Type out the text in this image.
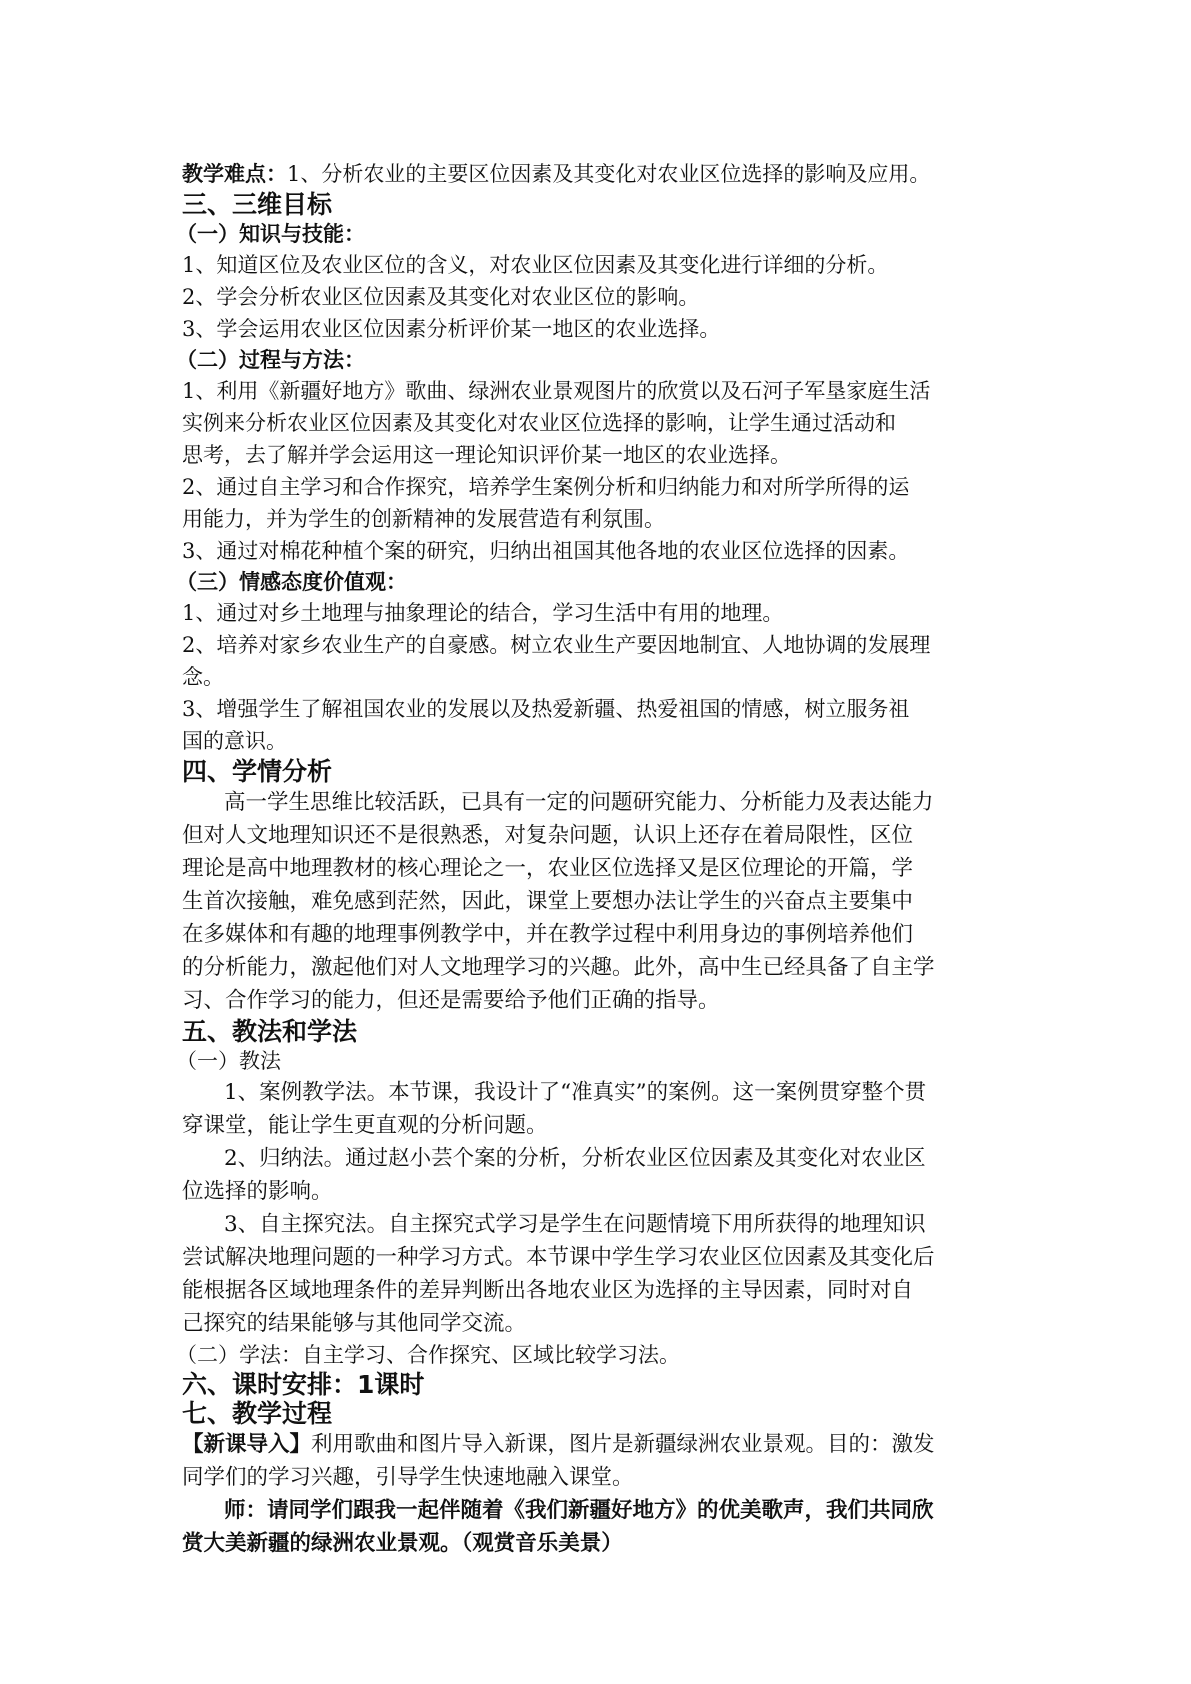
教学难点：1、分析农业的主要区位因素及其变化对农业区位选择的影响及应用。

三、三维目标

（一）知识与技能：

1、知道区位及农业区位的含义，对农业区位因素及其变化进行详细的分析。

2、学会分析农业区位因素及其变化对农业区位的影响。

3、学会运用农业区位因素分析评价某一地区的农业选择。

（二）过程与方法：

1、利用《新疆好地方》歌曲、绿洲农业景观图片的欣赏以及石河子军垦家庭生活

实例来分析农业区位因素及其变化对农业区位选择的影响，让学生通过活动和

思考，去了解并学会运用这一理论知识评价某一地区的农业选择。

2、通过自主学习和合作探究，培养学生案例分析和归纳能力和对所学所得的运

用能力，并为学生的创新精神的发展营造有利氛围。

3、通过对棉花种植个案的研究，归纳出祖国其他各地的农业区位选择的因素。

（三）情感态度价值观：

1、通过对乡土地理与抽象理论的结合，学习生活中有用的地理。

2、培养对家乡农业生产的自豪感。树立农业生产要因地制宜、人地协调的发展理

念。

3、增强学生了解祖国农业的发展以及热爱新疆、热爱祖国的情感，树立服务祖

国的意识。

四、学情分析

高一学生思维比较活跃，已具有一定的问题研究能力、分析能力及表达能力

但对人文地理知识还不是很熟悉，对复杂问题，认识上还存在着局限性，区位

理论是高中地理教材的核心理论之一，农业区位选择又是区位理论的开篇，学

生首次接触，难免感到茫然，因此，课堂上要想办法让学生的兴奋点主要集中

在多媒体和有趣的地理事例教学中，并在教学过程中利用身边的事例培养他们

的分析能力，激起他们对人文地理学习的兴趣。此外，高中生已经具备了自主学

习、合作学习的能力，但还是需要给予他们正确的指导。

五、教法和学法

（一）教法

1、案例教学法。本节课，我设计了“准真实”的案例。这一案例贯穿整个贯

穿课堂，能让学生更直观的分析问题。

2、归纳法。通过赵小芸个案的分析，分析农业区位因素及其变化对农业区

位选择的影响。

3、自主探究法。自主探究式学习是学生在问题情境下用所获得的地理知识

尝试解决地理问题的一种学习方式。本节课中学生学习农业区位因素及其变化后

能根据各区域地理条件的差异判断出各地农业区为选择的主导因素，同时对自

己探究的结果能够与其他同学交流。

（二）学法：自主学习、合作探究、区域比较学习法。

六、课时安排：1课时

七、教学过程

【新课导入】利用歌曲和图片导入新课，图片是新疆绿洲农业景观。目的：激发

同学们的学习兴趣，引导学生快速地融入课堂。

师：请同学们跟我一起伴随着《我们新疆好地方》的优美歌声，我们共同欣

赏大美新疆的绿洲农业景观。（观赏音乐美景）
